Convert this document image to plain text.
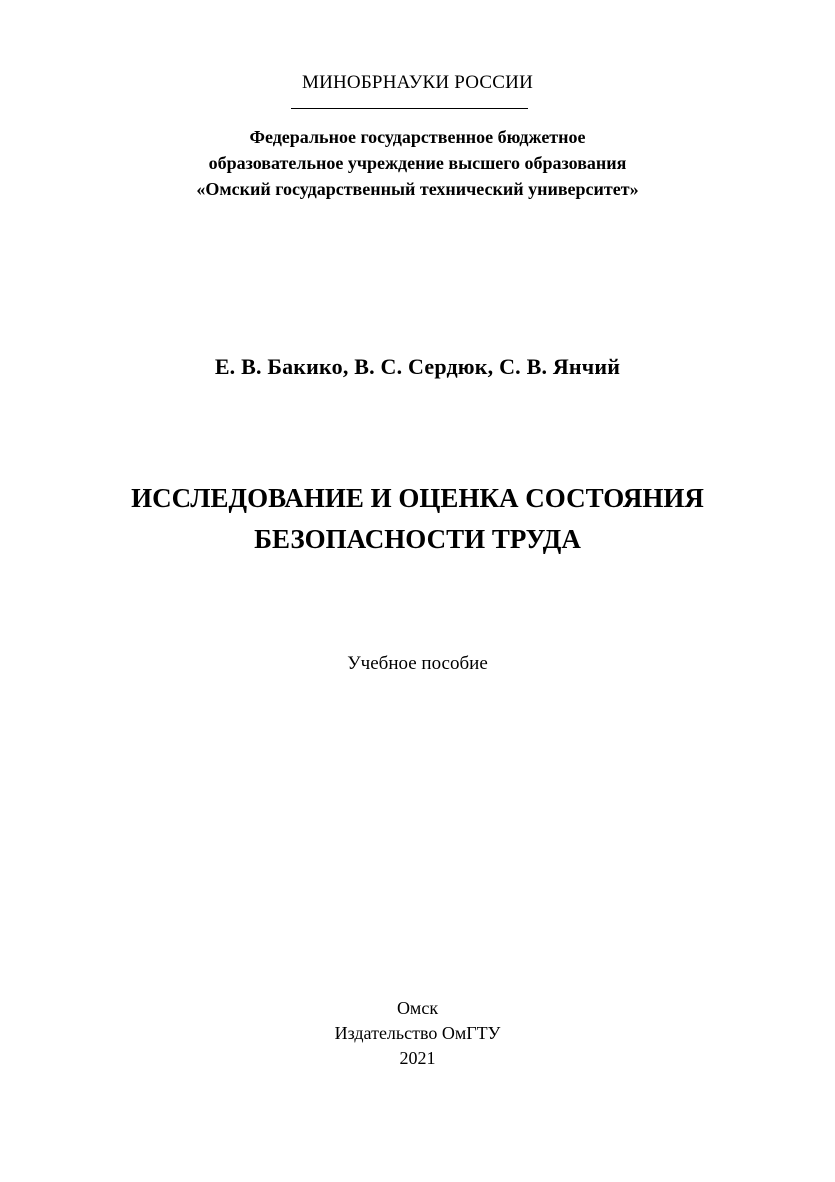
МИНОБРНАУКИ РОССИИ
Федеральное государственное бюджетное
образовательное учреждение высшего образования
«Омский государственный технический университет»
Е. В. Бакико, В. С. Сердюк, С. В. Янчий
ИССЛЕДОВАНИЕ И ОЦЕНКА СОСТОЯНИЯ
БЕЗОПАСНОСТИ ТРУДА
Учебное пособие
Омск
Издательство ОмГТУ
2021
